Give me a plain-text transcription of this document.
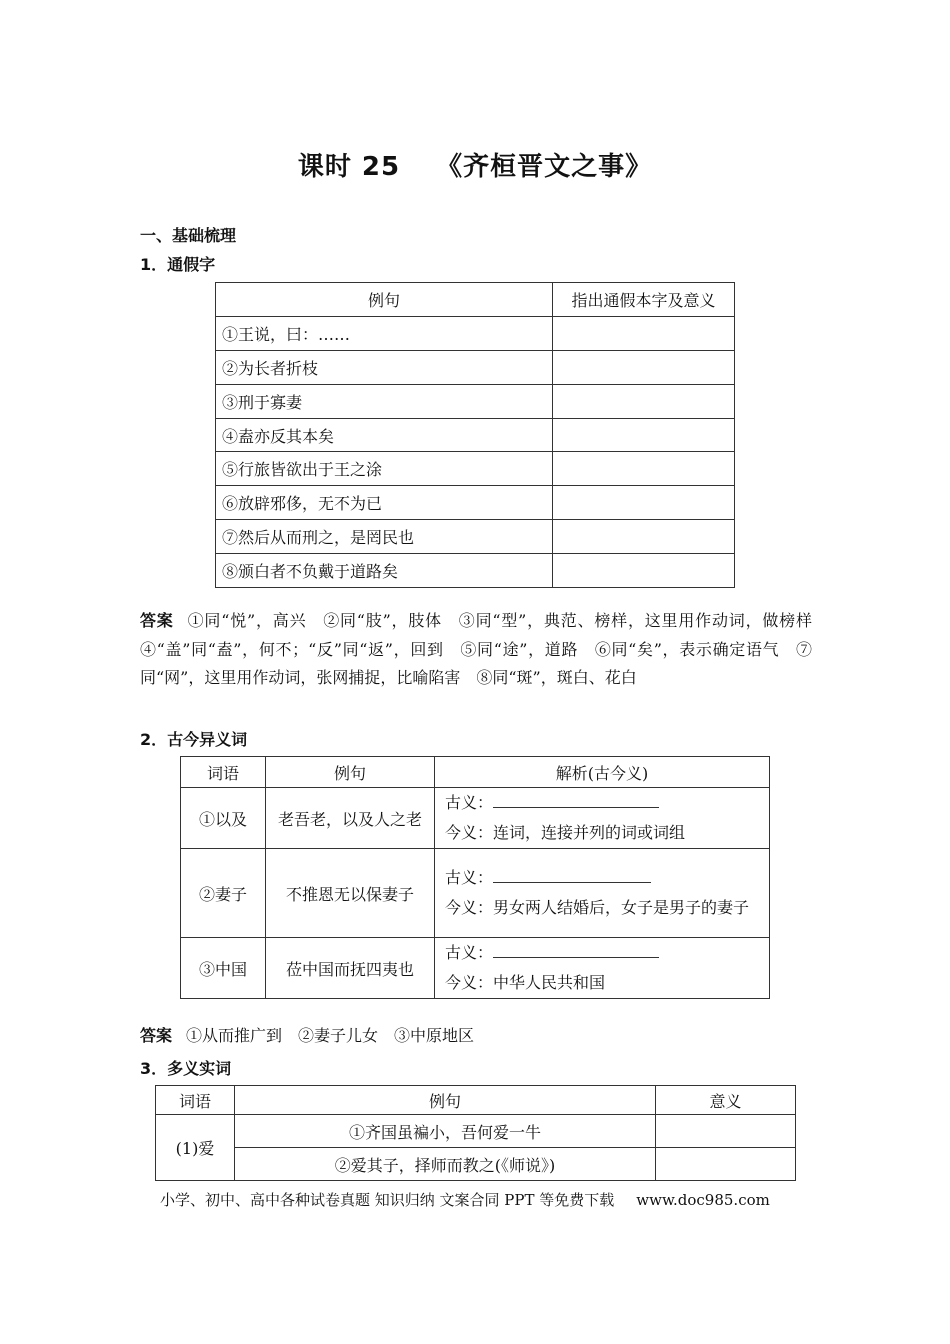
课时 25 《齐桓晋文之事》
一、基础梳理
1．通假字
例句	指出通假本字及意义
①王说，曰：……	
②为长者折枝	
③刑于寡妻	
④盍亦反其本矣	
⑤行旅皆欲出于王之涂	
⑥放辟邪侈，无不为已	
⑦然后从而刑之，是罔民也	
⑧颁白者不负戴于道路矣	
答案 ①同“悦”，高兴　②同“肢”，肢体　③同“型”，典范、榜样，这里用作动词，做榜样　④“盖”同“盍”，何不；“反”同“返”，回到　⑤同“途”，道路　⑥同“矣”，表示确定语气　⑦同“网”，这里用作动词，张网捕捉，比喻陷害　⑧同“斑”，斑白、花白
2．古今异义词
词语	例句	解析(古今义)
①以及	老吾老，以及人之老	古义：
今义：连词，连接并列的词或词组

②妻子	不推恩无以保妻子	古义：
今义：男女两人结婚后，女子是男子的妻子

③中国	莅中国而抚四夷也	古义：
今义：中华人民共和国
答案 ①从而推广到　②妻子儿女　③中原地区
3．多义实词
词语	例句	意义
(1)爱	①齐国虽褊小，吾何爱一牛	
	②爱其子，择师而教之(《师说》)	
小学、初中、高中各种试卷真题 知识归纳 文案合同 PPT 等免费下载 www.doc985.com
